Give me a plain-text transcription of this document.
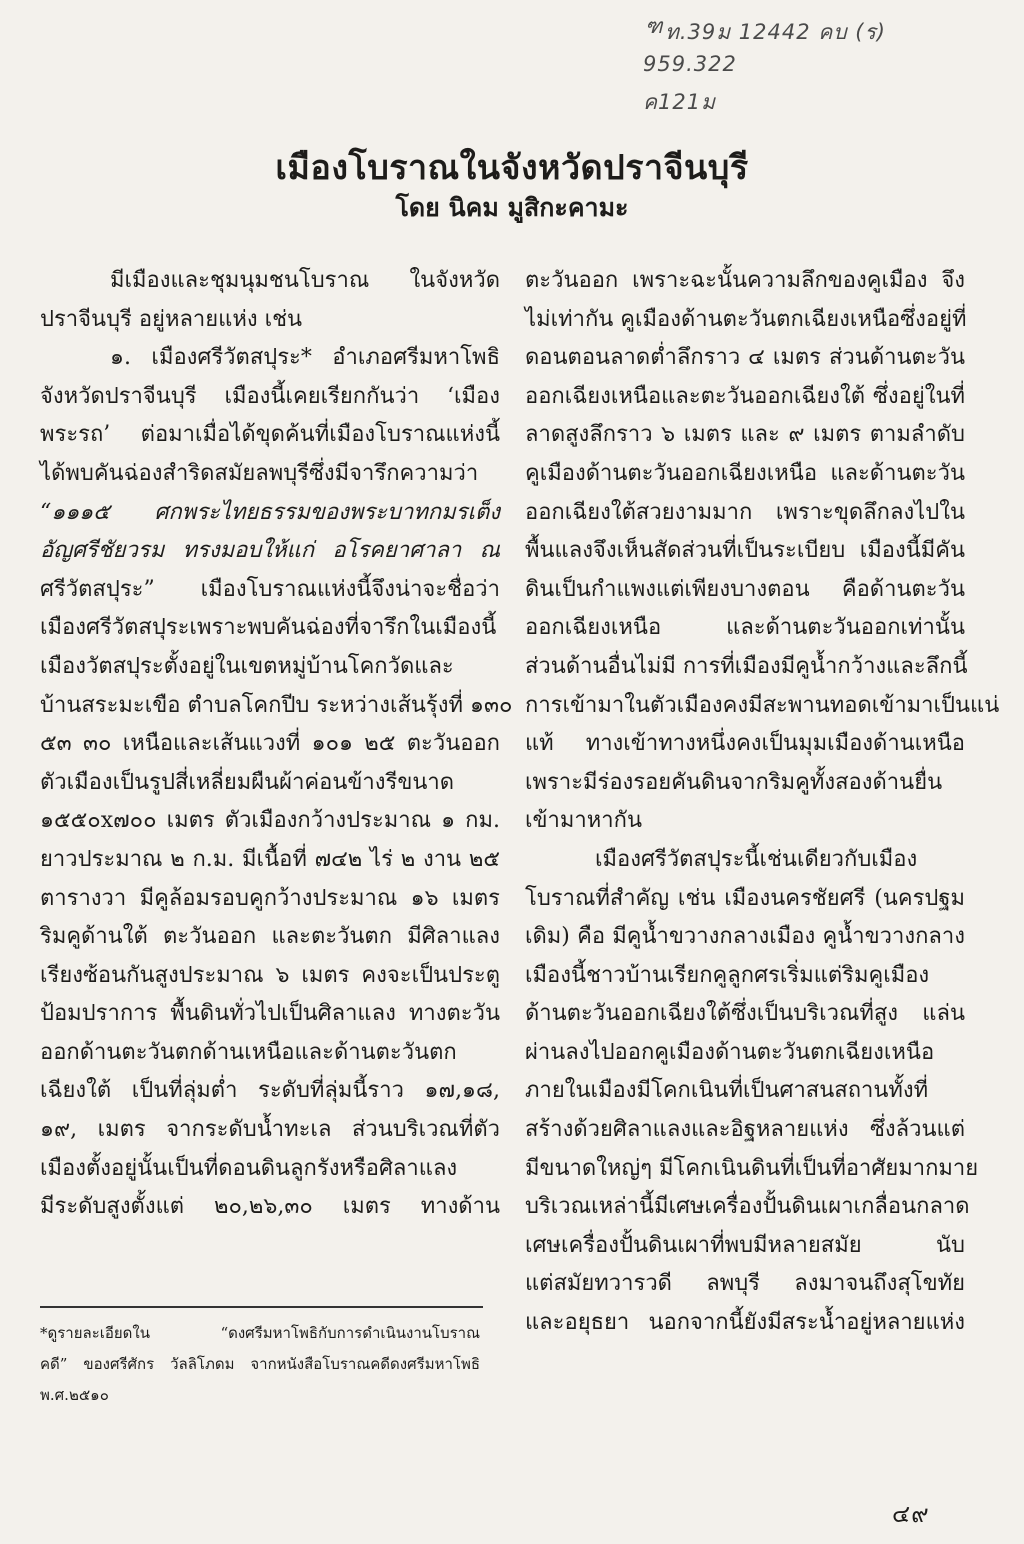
ฑ ท.39ม 12442 คบ (ร)
959.322
ค121ม
เมืองโบราณในจังหวัดปราจีนบุรี
โดย นิคม มูสิกะคามะ
มีเมืองและชุมนุมชนโบราณ ในจังหวัด
ปราจีนบุรี อยู่หลายแห่ง เช่น
๑. เมืองศรีวัตสปุระ* อำเภอศรีมหาโพธิ
จังหวัดปราจีนบุรี เมืองนี้เคยเรียกกันว่า ‘เมือง
พระรถ’ ต่อมาเมื่อได้ขุดค้นที่เมืองโบราณแห่งนี้
ได้พบคันฉ่องสำริดสมัยลพบุรีซึ่งมีจารึกความว่า
“๑๑๑๕ ศกพระไทยธรรมของพระบาทกมรเต็ง
อัญศรีชัยวรม ทรงมอบให้แก่ อโรคยาศาลา ณ
ศรีวัตสปุระ” เมืองโบราณแห่งนี้จึงน่าจะชื่อว่า
เมืองศรีวัตสปุระเพราะพบคันฉ่องที่จารึกในเมืองนี้
เมืองวัตสปุระตั้งอยู่ในเขตหมู่บ้านโคกวัดและ
บ้านสระมะเขือ ตำบลโคกปีบ ระหว่างเส้นรุ้งที่ ๑๓๐
๕๓ ๓๐ เหนือและเส้นแวงที่ ๑๐๑ ๒๕ ตะวันออก
ตัวเมืองเป็นรูปสี่เหลี่ยมผืนผ้าค่อนข้างรีขนาด
๑๕๕๐x๗๐๐ เมตร ตัวเมืองกว้างประมาณ ๑ กม.
ยาวประมาณ ๒ ก.ม. มีเนื้อที่ ๗๔๒ ไร่ ๒ งาน ๒๕
ตารางวา มีคูล้อมรอบคูกว้างประมาณ ๑๖ เมตร
ริมคูด้านใต้ ตะวันออก และตะวันตก มีศิลาแลง
เรียงซ้อนกันสูงประมาณ ๖ เมตร คงจะเป็นประตู
ป้อมปราการ พื้นดินทั่วไปเป็นศิลาแลง ทางตะวัน
ออกด้านตะวันตกด้านเหนือและด้านตะวันตก
เฉียงใต้ เป็นที่ลุ่มต่ำ ระดับที่ลุ่มนี้ราว ๑๗,๑๘,
๑๙, เมตร จากระดับน้ำทะเล ส่วนบริเวณที่ตัว
เมืองตั้งอยู่นั้นเป็นที่ดอนดินลูกรังหรือศิลาแลง
มีระดับสูงตั้งแต่ ๒๐,๒๖,๓๐ เมตร ทางด้าน
ตะวันออก เพราะฉะนั้นความลึกของคูเมือง จึง
ไม่เท่ากัน คูเมืองด้านตะวันตกเฉียงเหนือซึ่งอยู่ที่
ดอนตอนลาดต่ำลึกราว ๔ เมตร ส่วนด้านตะวัน
ออกเฉียงเหนือและตะวันออกเฉียงใต้ ซึ่งอยู่ในที่
ลาดสูงลึกราว ๖ เมตร และ ๙ เมตร ตามลำดับ
คูเมืองด้านตะวันออกเฉียงเหนือ และด้านตะวัน
ออกเฉียงใต้สวยงามมาก เพราะขุดลึกลงไปใน
พื้นแลงจึงเห็นสัดส่วนที่เป็นระเบียบ เมืองนี้มีคัน
ดินเป็นกำแพงแต่เพียงบางตอน คือด้านตะวัน
ออกเฉียงเหนือ และด้านตะวันออกเท่านั้น
ส่วนด้านอื่นไม่มี การที่เมืองมีคูน้ำกว้างและลึกนี้
การเข้ามาในตัวเมืองคงมีสะพานทอดเข้ามาเป็นแน่
แท้ ทางเข้าทางหนึ่งคงเป็นมุมเมืองด้านเหนือ
เพราะมีร่องรอยคันดินจากริมคูทั้งสองด้านยื่น
เข้ามาหากัน
เมืองศรีวัตสปุระนี้เช่นเดียวกับเมือง
โบราณที่สำคัญ เช่น เมืองนครชัยศรี (นครปฐม
เดิม) คือ มีคูน้ำขวางกลางเมือง คูน้ำขวางกลาง
เมืองนี้ชาวบ้านเรียกคูลูกศรเริ่มแต่ริมคูเมือง
ด้านตะวันออกเฉียงใต้ซึ่งเป็นบริเวณที่สูง แล่น
ผ่านลงไปออกคูเมืองด้านตะวันตกเฉียงเหนือ
ภายในเมืองมีโคกเนินที่เป็นศาสนสถานทั้งที่
สร้างด้วยศิลาแลงและอิฐหลายแห่ง ซึ่งล้วนแต่
มีขนาดใหญ่ๆ มีโคกเนินดินที่เป็นที่อาศัยมากมาย
บริเวณเหล่านี้มีเศษเครื่องปั้นดินเผาเกลื่อนกลาด
เศษเครื่องปั้นดินเผาที่พบมีหลายสมัย นับ
แต่สมัยทวารวดี ลพบุรี ลงมาจนถึงสุโขทัย
และอยุธยา นอกจากนี้ยังมีสระน้ำอยู่หลายแห่ง
*ดูรายละเอียดใน “ดงศรีมหาโพธิกับการดำเนินงานโบราณ
คดี” ของศรีศักร วัลลิโภดม จากหนังสือโบราณคดีดงศรีมหาโพธิ
พ.ศ.๒๕๑๐
๔๙
